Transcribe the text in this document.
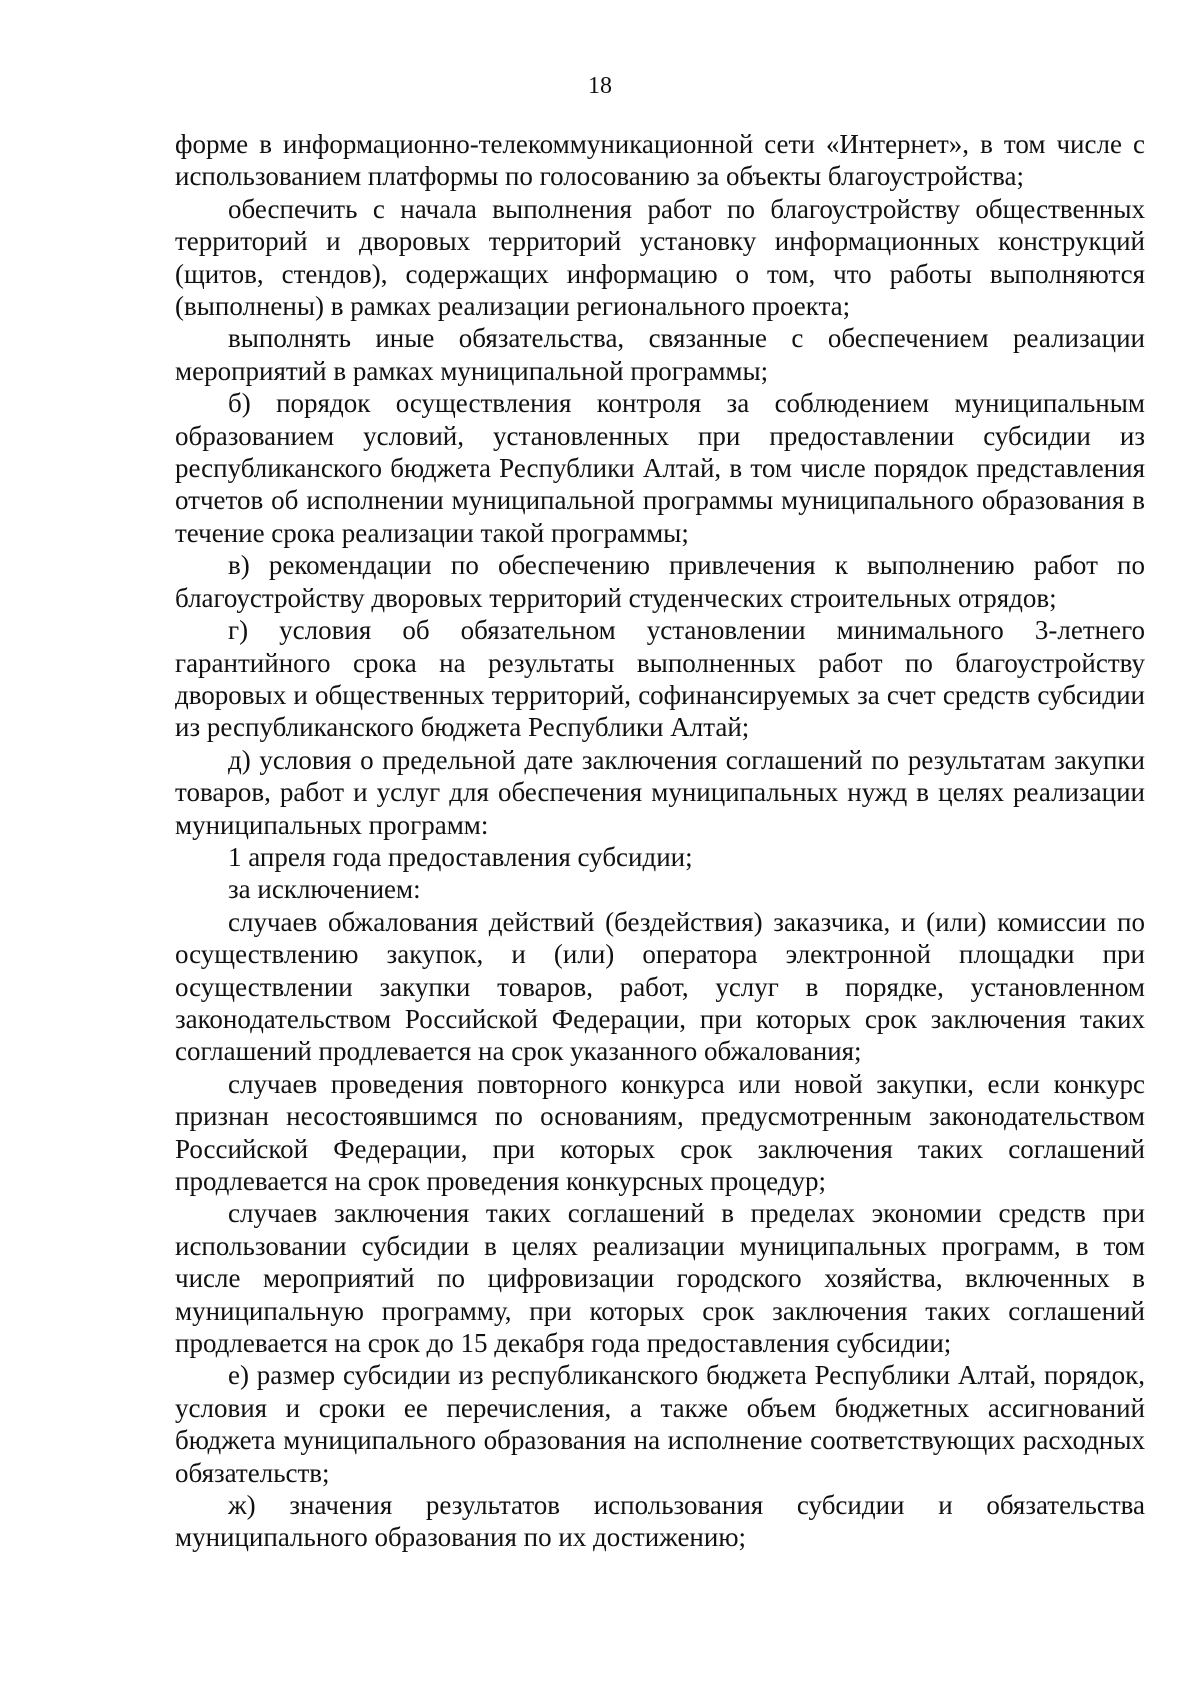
18

форме в информационно-телекоммуникационной сети «Интернет», в том числе с использованием платформы по голосованию за объекты благоустройства;

обеспечить с начала выполнения работ по благоустройству общественных территорий и дворовых территорий установку информационных конструкций (щитов, стендов), содержащих информацию о том, что работы выполняются (выполнены) в рамках реализации регионального проекта;

выполнять иные обязательства, связанные с обеспечением реализации мероприятий в рамках муниципальной программы;

б) порядок осуществления контроля за соблюдением муниципальным образованием условий, установленных при предоставлении субсидии из республиканского бюджета Республики Алтай, в том числе порядок представления отчетов об исполнении муниципальной программы муниципального образования в течение срока реализации такой программы;

в) рекомендации по обеспечению привлечения к выполнению работ по благоустройству дворовых территорий студенческих строительных отрядов;

г) условия об обязательном установлении минимального 3-летнего гарантийного срока на результаты выполненных работ по благоустройству дворовых и общественных территорий, софинансируемых за счет средств субсидии из республиканского бюджета Республики Алтай;

д) условия о предельной дате заключения соглашений по результатам закупки товаров, работ и услуг для обеспечения муниципальных нужд в целях реализации муниципальных программ:

1 апреля года предоставления субсидии;

за исключением:

случаев обжалования действий (бездействия) заказчика, и (или) комиссии по осуществлению закупок, и (или) оператора электронной площадки при осуществлении закупки товаров, работ, услуг в порядке, установленном законодательством Российской Федерации, при которых срок заключения таких соглашений продлевается на срок указанного обжалования;

случаев проведения повторного конкурса или новой закупки, если конкурс признан несостоявшимся по основаниям, предусмотренным законодательством Российской Федерации, при которых срок заключения таких соглашений продлевается на срок проведения конкурсных процедур;

случаев заключения таких соглашений в пределах экономии средств при использовании субсидии в целях реализации муниципальных программ, в том числе мероприятий по цифровизации городского хозяйства, включенных в муниципальную программу, при которых срок заключения таких соглашений продлевается на срок до 15 декабря года предоставления субсидии;

е) размер субсидии из республиканского бюджета Республики Алтай, порядок, условия и сроки ее перечисления, а также объем бюджетных ассигнований бюджета муниципального образования на исполнение соответствующих расходных обязательств;

ж) значения результатов использования субсидии и обязательства муниципального образования по их достижению;
